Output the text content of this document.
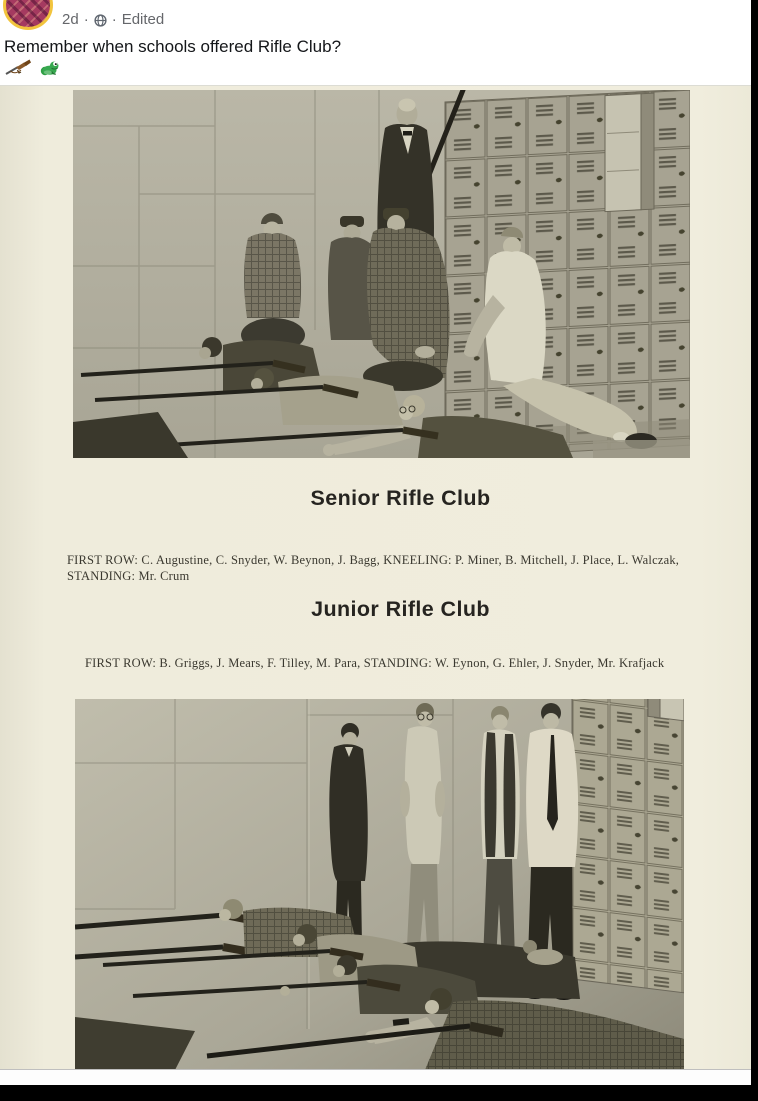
2d · · Edited
Remember when schools offered Rifle Club?
Senior Rifle Club
FIRST ROW: C. Augustine, C. Snyder, W. Beynon, J. Bagg, KNEELING: P. Miner, B. Mitchell, J. Place, L. Walczak, STANDING: Mr. Crum
Junior Rifle Club
FIRST ROW: B. Griggs, J. Mears, F. Tilley, M. Para, STANDING: W. Eynon, G. Ehler, J. Snyder, Mr. Krafjack
